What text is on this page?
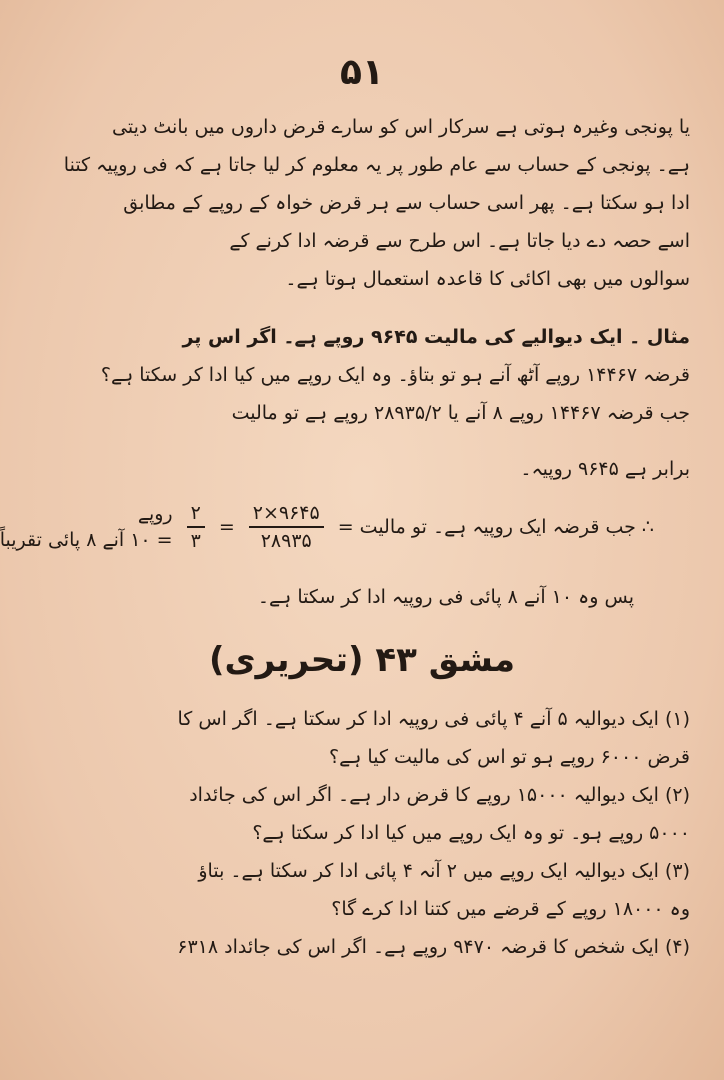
۵۱

یا پونجی وغیرہ ہوتی ہے سرکار اس کو سارے قرض داروں میں بانٹ دیتی

ہے۔ پونجی کے حساب سے عام طور پر یہ معلوم کر لیا جاتا ہے کہ فی روپیہ کتنا

ادا ہو سکتا ہے۔ پھر اسی حساب سے ہر قرض خواہ کے روپے کے مطابق

اسے حصہ دے دیا جاتا ہے۔ اس طرح سے قرضہ ادا کرنے کے

سوالوں میں بھی اکائی کا قاعدہ استعمال ہوتا ہے۔

مثال ۔ ایک دیوالیے کی مالیت ۹۶۴۵ روپے ہے۔ اگر اس پر

قرضہ ۱۴۴۶۷ روپے آٹھ آنے ہو تو بتاؤ۔ وہ ایک روپے میں کیا ادا کر سکتا ہے؟

جب قرضہ ۱۴۴۶۷ روپے ۸ آنے یا ۲۸۹۳۵/۲ روپے ہے تو مالیت

برابر ہے ۹۶۴۵ روپیہ۔

∴ جب قرضہ ایک روپیہ ہے۔ تو مالیت =
$\frac{۲\times ۹۶۴۵}{۲۸۹۳۵}$
=
$\frac{۲}{۳}$
روپے
= ۱۰ آنے ۸ پائی تقریباً

پس وہ ۱۰ آنے ۸ پائی فی روپیہ ادا کر سکتا ہے۔

مشق ۴۳ (تحریری)

(۱) ایک دیوالیہ ۵ آنے ۴ پائی فی روپیہ ادا کر سکتا ہے۔ اگر اس کا

قرض ۶۰۰۰ روپے ہو تو اس کی مالیت کیا ہے؟

(۲) ایک دیوالیہ ۱۵۰۰۰ روپے کا قرض دار ہے۔ اگر اس کی جائداد

۵۰۰۰ روپے ہو۔ تو وہ ایک روپے میں کیا ادا کر سکتا ہے؟

(۳) ایک دیوالیہ ایک روپے میں ۲ آنہ ۴ پائی ادا کر سکتا ہے۔ بتاؤ

وہ ۱۸۰۰۰ روپے کے قرضے میں کتنا ادا کرے گا؟

(۴) ایک شخص کا قرضہ ۹۴۷۰ روپے ہے۔ اگر اس کی جائداد ۶۳۱۸
